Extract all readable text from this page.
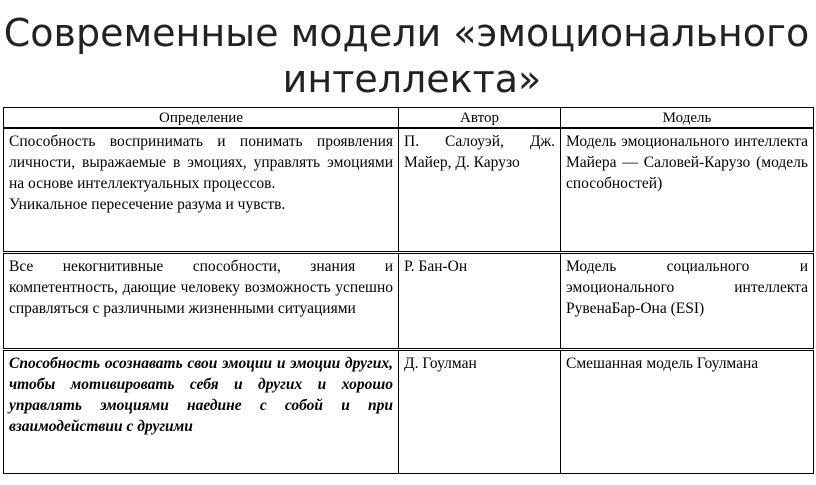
Современные модели «эмоционального
интеллекта»
Определение	Автор	Модель

Способность воспринимать и понимать проявления личности, выражаемые в эмоциях, управлять эмоциями на основе интеллектуальных процессов.
Уникальное пересечение разума и чувств.	П. Салоуэй, Дж. Майер, Д. Карузо	Модель эмоционального интеллекта Майера — Саловей-Карузо (модель способностей)

Все некогнитивные способности, знания и компетентность, дающие человеку возможность успешно справляться с различными жизненными ситуациями	Р. Бан-Он	Модель социального и эмоционального интеллекта РувенаБар-Она (ESI)

Способность осознавать свои эмоции и эмоции других, чтобы мотивировать себя и других и хорошо управлять эмоциями наедине с собой и при взаимодействии с другими	Д. Гоулман	Смешанная модель Гоулмана
